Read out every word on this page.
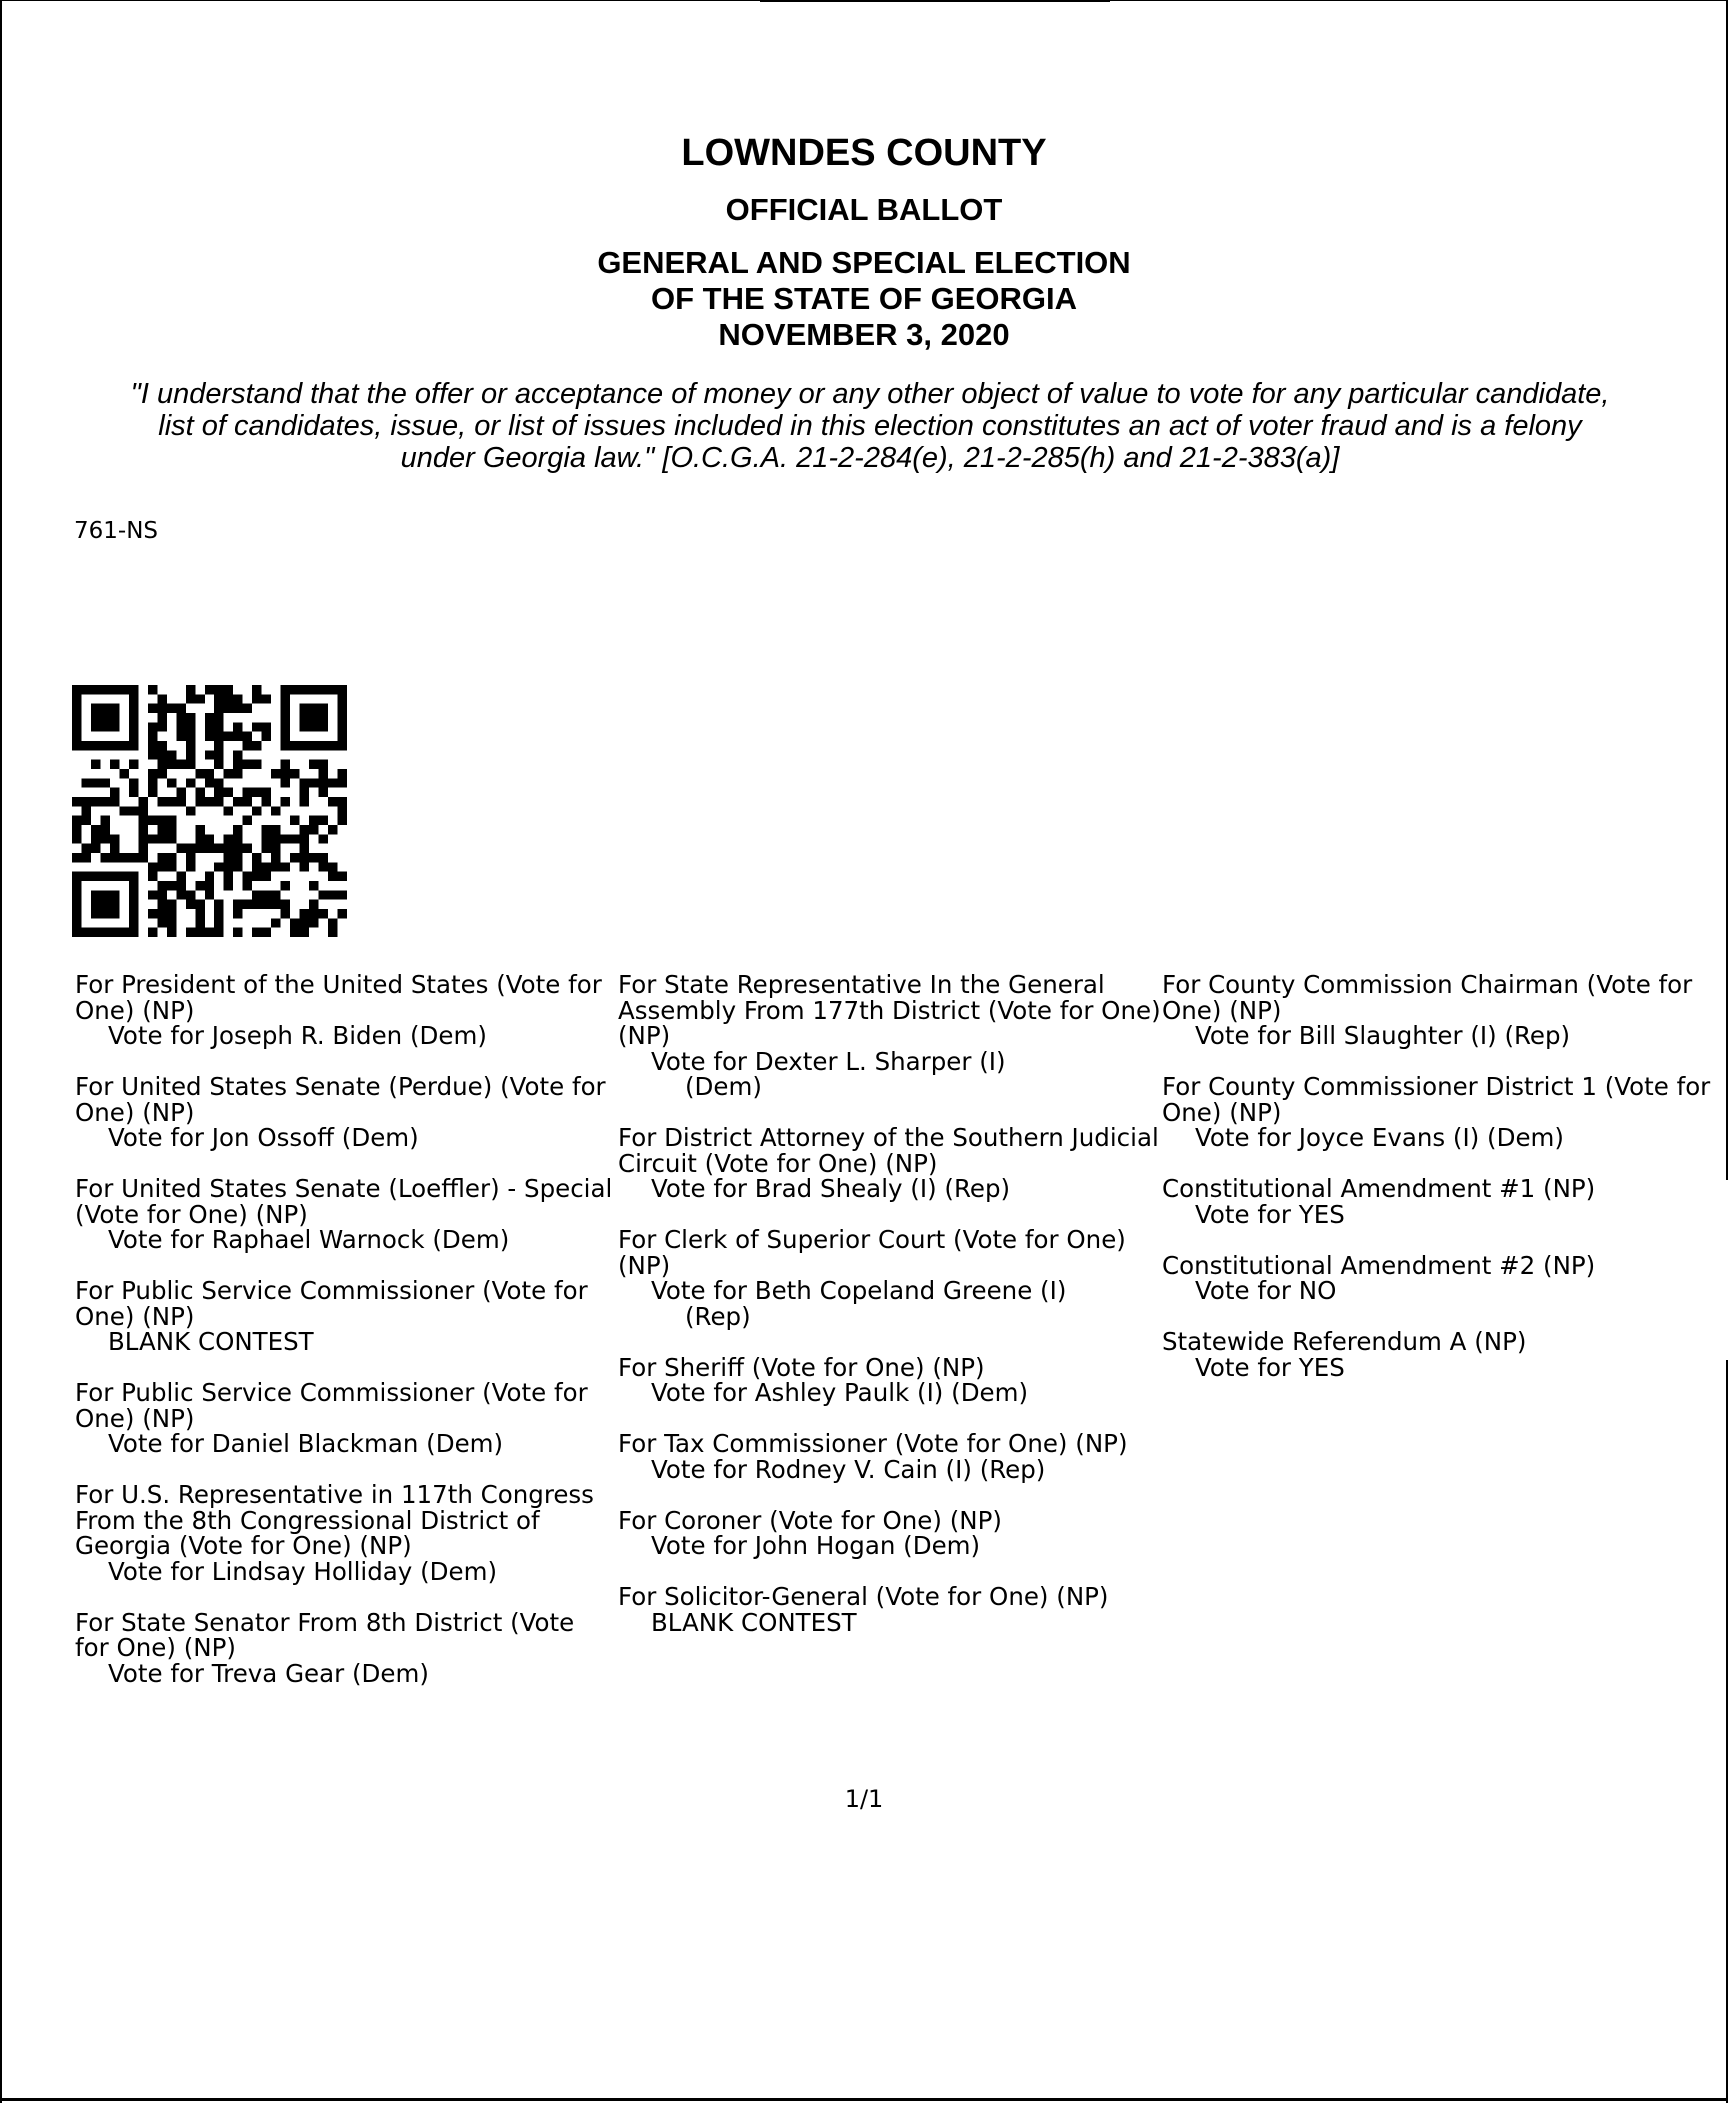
LOWNDES COUNTY
OFFICIAL BALLOT
GENERAL AND SPECIAL ELECTION
OF THE STATE OF GEORGIA
NOVEMBER 3, 2020
"I understand that the offer or acceptance of money or any other object of value to vote for any particular candidate,
list of candidates, issue, or list of issues included in this election constitutes an act of voter fraud and is a felony
under Georgia law." [O.C.G.A. 21-2-284(e), 21-2-285(h) and 21-2-383(a)]
761-NS
For President of the United States (Vote for One) (NP)
Vote for Joseph R. Biden (Dem)
For United States Senate (Perdue) (Vote for One) (NP)
Vote for Jon Ossoff (Dem)
For United States Senate (Loeffler) - Special (Vote for One) (NP)
Vote for Raphael Warnock (Dem)
For Public Service Commissioner (Vote for One) (NP)
BLANK CONTEST
For Public Service Commissioner (Vote for One) (NP)
Vote for Daniel Blackman (Dem)
For U.S. Representative in 117th Congress From the 8th Congressional District of Georgia (Vote for One) (NP)
Vote for Lindsay Holliday (Dem)
For State Senator From 8th District (Vote for One) (NP)
Vote for Treva Gear (Dem)
For State Representative In the General Assembly From 177th District (Vote for One) (NP)
Vote for Dexter L. Sharper (I)
(Dem)
For District Attorney of the Southern Judicial Circuit (Vote for One) (NP)
Vote for Brad Shealy (I) (Rep)
For Clerk of Superior Court (Vote for One) (NP)
Vote for Beth Copeland Greene (I)
(Rep)
For Sheriff (Vote for One) (NP)
Vote for Ashley Paulk (I) (Dem)
For Tax Commissioner (Vote for One) (NP)
Vote for Rodney V. Cain (I) (Rep)
For Coroner (Vote for One) (NP)
Vote for John Hogan (Dem)
For Solicitor-General (Vote for One) (NP)
BLANK CONTEST
For County Commission Chairman (Vote for One) (NP)
Vote for Bill Slaughter (I) (Rep)
For County Commissioner District 1 (Vote for One) (NP)
Vote for Joyce Evans (I) (Dem)
Constitutional Amendment #1 (NP)
Vote for YES
Constitutional Amendment #2 (NP)
Vote for NO
Statewide Referendum A (NP)
Vote for YES
1/1
